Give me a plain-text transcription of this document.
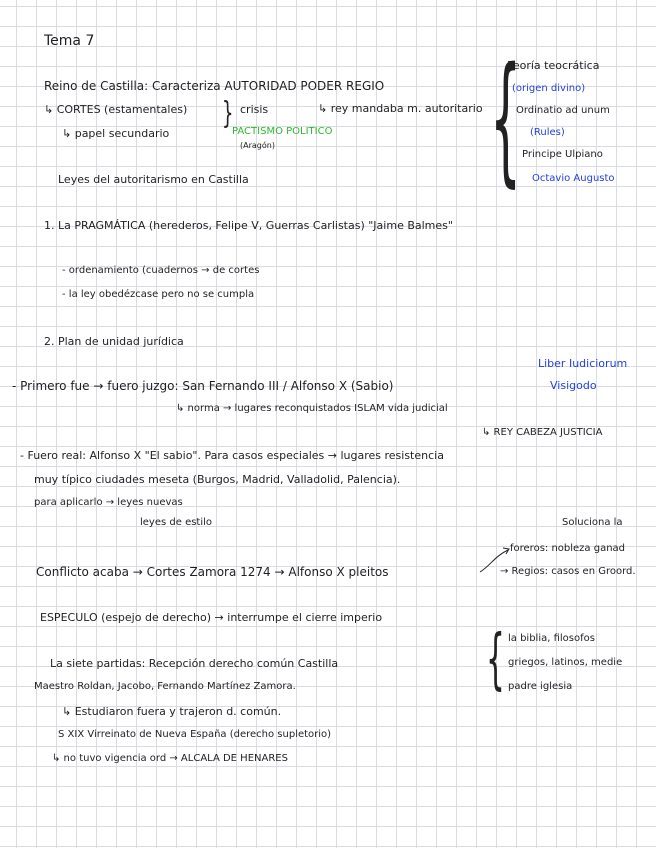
Tema 7
Reino de Castilla: Caracteriza AUTORIDAD PODER REGIO
↳ CORTES (estamentales) } crisis	↳ rey mandaba m. autoritario
↳ papel secundario	PACTISMO POLITICO
(Aragón)
Leyes del autoritarismo en Castilla {
Teoría teocrática
(origen divino)
Ordinatio ad unum
(Rules)
Principe Ulpiano
Octavio Augusto
1. La PRAGMÁTICA (herederos, Felipe V, Guerras Carlistas) "Jaime Balmes"
- ordenamiento (cuadernos → de cortes
- la ley obedézcase pero no se cumpla
2. Plan de unidad jurídica
Liber Iudiciorum
Visigodo
- Primero fue → fuero juzgo: San Fernando III / Alfonso X (Sabio)
↳ norma → lugares reconquistados ISLAM vida judicial
↳ REY CABEZA JUSTICIA
- Fuero real: Alfonso X "El sabio". Para casos especiales → lugares resistencia
muy típico ciudades meseta (Burgos, Madrid, Valladolid, Palencia).
para aplicarlo → leyes nuevas
leyes de estilo	Soluciona la
foreros: nobleza ganad
Conflicto acaba → Cortes Zamora 1274 → Alfonso X pleitos	→ Regios: casos en Groord.
ESPECULO (espejo de derecho) → interrumpe el cierre imperio
{ la biblia, filosofos
griegos, latinos, medie
padre iglesia
La siete partidas: Recepción derecho común Castilla
Maestro Roldan, Jacobo, Fernando Martínez Zamora.
↳ Estudiaron fuera y trajeron d. común.
S XIX Virreinato de Nueva España (derecho supletorio)
↳ no tuvo vigencia ord → ALCALA DE HENARES
